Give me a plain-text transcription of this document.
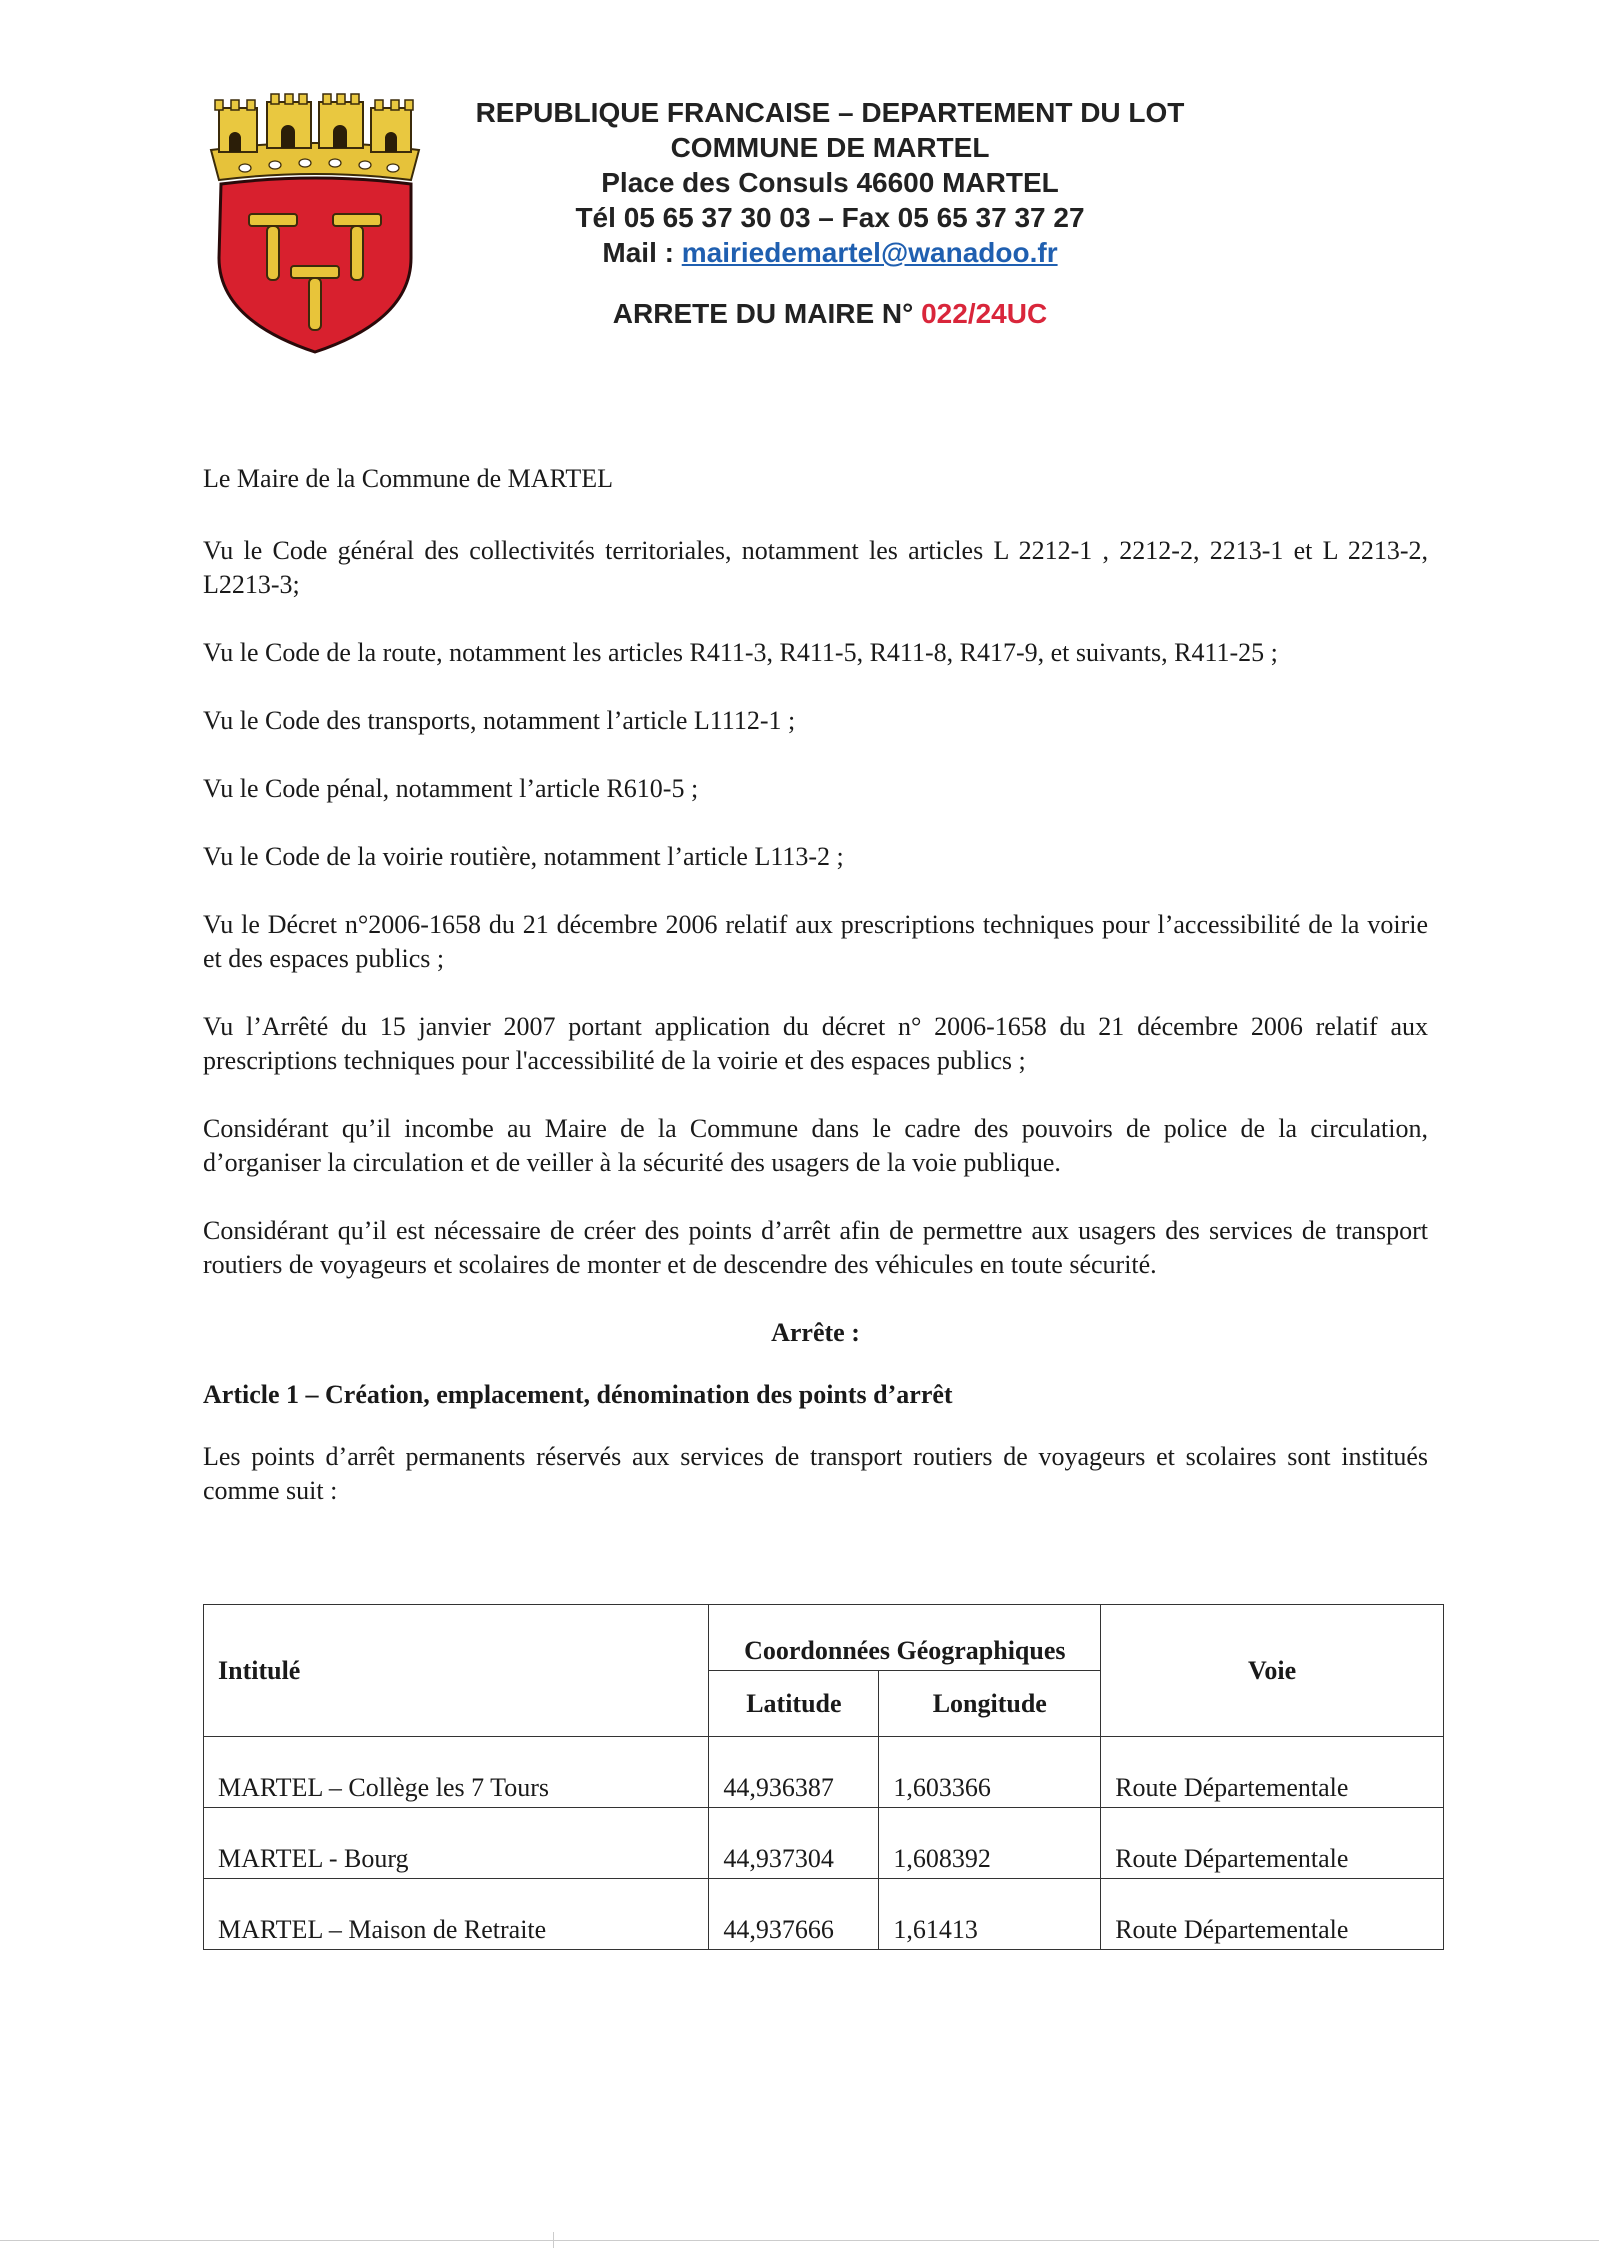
REPUBLIQUE FRANCAISE – DEPARTEMENT DU LOT
COMMUNE DE MARTEL
Place des Consuls 46600 MARTEL
Tél 05 65 37 30 03 – Fax 05 65 37 37 27
Mail : mairiedemartel@wanadoo.fr
ARRETE DU MAIRE N° 022/24UC

Le Maire de la Commune de MARTEL

Vu le Code général des collectivités territoriales, notamment les articles L 2212-1 , 2212-2, 2213-1 et L 2213-2, L2213-3;

Vu le Code de la route, notamment les articles R411-3, R411-5, R411-8, R417-9, et suivants, R411-25 ;

Vu le Code des transports, notamment l’article L1112-1 ;

Vu le Code pénal, notamment l’article R610-5 ;

Vu le Code de la voirie routière, notamment l’article L113-2 ;

Vu le Décret n°2006-1658 du 21 décembre 2006 relatif aux prescriptions techniques pour l’accessibilité de la voirie et des espaces publics ;

Vu l’Arrêté du 15 janvier 2007 portant application du décret n° 2006-1658 du 21 décembre 2006 relatif aux prescriptions techniques pour l'accessibilité de la voirie et des espaces publics ;

Considérant qu’il incombe au Maire de la Commune dans le cadre des pouvoirs de police de la circulation, d’organiser la circulation et de veiller à la sécurité des usagers de la voie publique.

Considérant qu’il est nécessaire de créer des points d’arrêt afin de permettre aux usagers des services de transport routiers de voyageurs et scolaires de monter et de descendre des véhicules en toute sécurité.

Arrête :

Article 1 – Création, emplacement, dénomination des points d’arrêt

Les points d’arrêt permanents réservés aux services de transport routiers de voyageurs et scolaires sont institués comme suit :

Intitulé	Coordonnées Géographiques		Voie
	Latitude	Longitude	
MARTEL – Collège les 7 Tours	44,936387	1,603366	Route Départementale
MARTEL - Bourg	44,937304	1,608392	Route Départementale
MARTEL – Maison de Retraite	44,937666	1,61413	Route Départementale
